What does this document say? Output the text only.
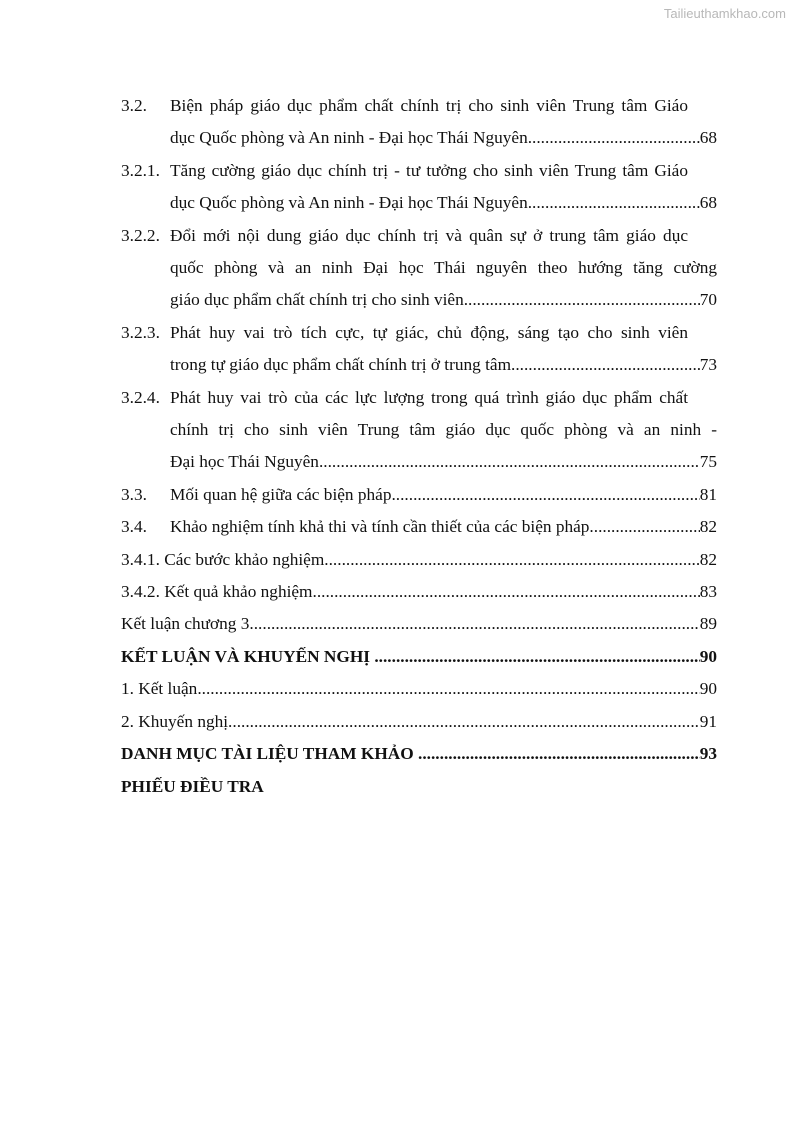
Tailieuthamkhao.com
3.2.	Biện pháp giáo dục phẩm chất chính trị cho sinh viên Trung tâm Giáo
dục Quốc phòng và An ninh - Đại học Thái Nguyên .....	68
3.2.1. Tăng cường giáo dục chính trị - tư tưởng cho sinh viên Trung tâm Giáo
dục Quốc phòng và An ninh - Đại học Thái Nguyên .....	68
3.2.2. Đổi mới nội dung giáo dục chính trị và quân sự ở trung tâm giáo dục
quốc phòng và an ninh Đại học Thái nguyên theo hướng tăng cường
giáo dục phẩm chất chính trị cho sinh viên .....	70
3.2.3. Phát huy vai trò tích cực, tự giác, chủ động, sáng tạo cho sinh viên
trong tự giáo dục phẩm chất chính trị ở trung tâm .....	73
3.2.4. Phát huy vai trò của các lực lượng trong quá trình giáo dục phẩm chất
chính trị cho sinh viên Trung tâm giáo dục quốc phòng và an ninh -
Đại học Thái Nguyên .....	75
3.3.	Mối quan hệ giữa các biện pháp .....	81
3.4.	Khảo nghiệm tính khả thi và tính cần thiết của các biện pháp .....	82
3.4.1. Các bước khảo nghiệm .....	82
3.4.2. Kết quả khảo nghiệm .....	83
Kết luận chương 3 .....	89
KẾT LUẬN VÀ KHUYẾN NGHỊ .....	90
1. Kết luận .....	90
2. Khuyến nghị .....	91
DANH MỤC TÀI LIỆU THAM KHẢO .....	93
PHIẾU ĐIỀU TRA
